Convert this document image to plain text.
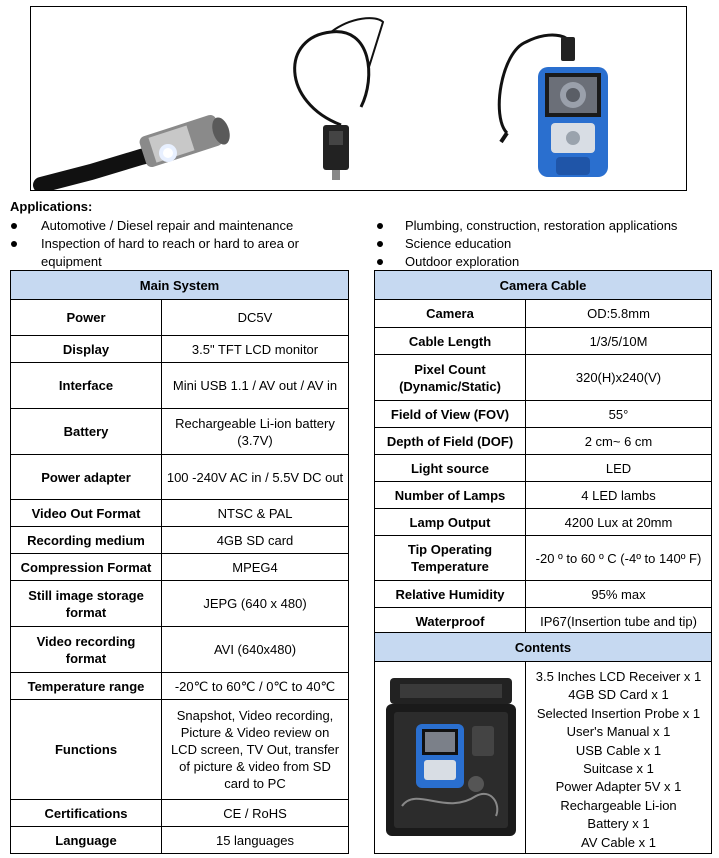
Applications:
Automotive / Diesel repair and maintenance
Inspection of hard to reach or hard to area or
equipment
Plumbing, construction, restoration applications
Science education
Outdoor exploration
Main System	
Power	DC5V
Display	3.5" TFT LCD monitor
Interface	Mini USB 1.1 / AV out / AV in
Battery	Rechargeable Li-ion battery (3.7V)
Power adapter	100 -240V AC in / 5.5V DC out
Video Out Format	NTSC & PAL
Recording medium	4GB SD card
Compression Format	MPEG4
Still image storage format	JEPG (640 x 480)
Video recording format	AVI (640x480)
Temperature range	-20℃ to 60℃ / 0℃ to 40℃
Functions	Snapshot, Video recording, Picture & Video review on LCD screen, TV Out, transfer of picture & video from SD card to PC
Certifications	CE / RoHS
Language	15 languages
Camera Cable	
Camera	OD:5.8mm
Cable Length	1/3/5/10M
Pixel Count (Dynamic/Static)	320(H)x240(V)
Field of View (FOV)	55°
Depth of Field (DOF)	2 cm~ 6 cm
Light source	LED
Number of Lamps	4 LED lambs
Lamp Output	4200 Lux at 20mm
Tip Operating Temperature	-20 º to 60 º C (-4º to 140º F)
Relative Humidity	95% max
Waterproof	IP67(Insertion tube and tip)
Contents

3.5 Inches LCD Receiver x 1
4GB SD Card x 1
Selected Insertion Probe x 1
User's Manual x 1
USB Cable x 1
Suitcase x 1
Power Adapter 5V x 1
Rechargeable Li-ion
Battery x 1
AV Cable x 1
